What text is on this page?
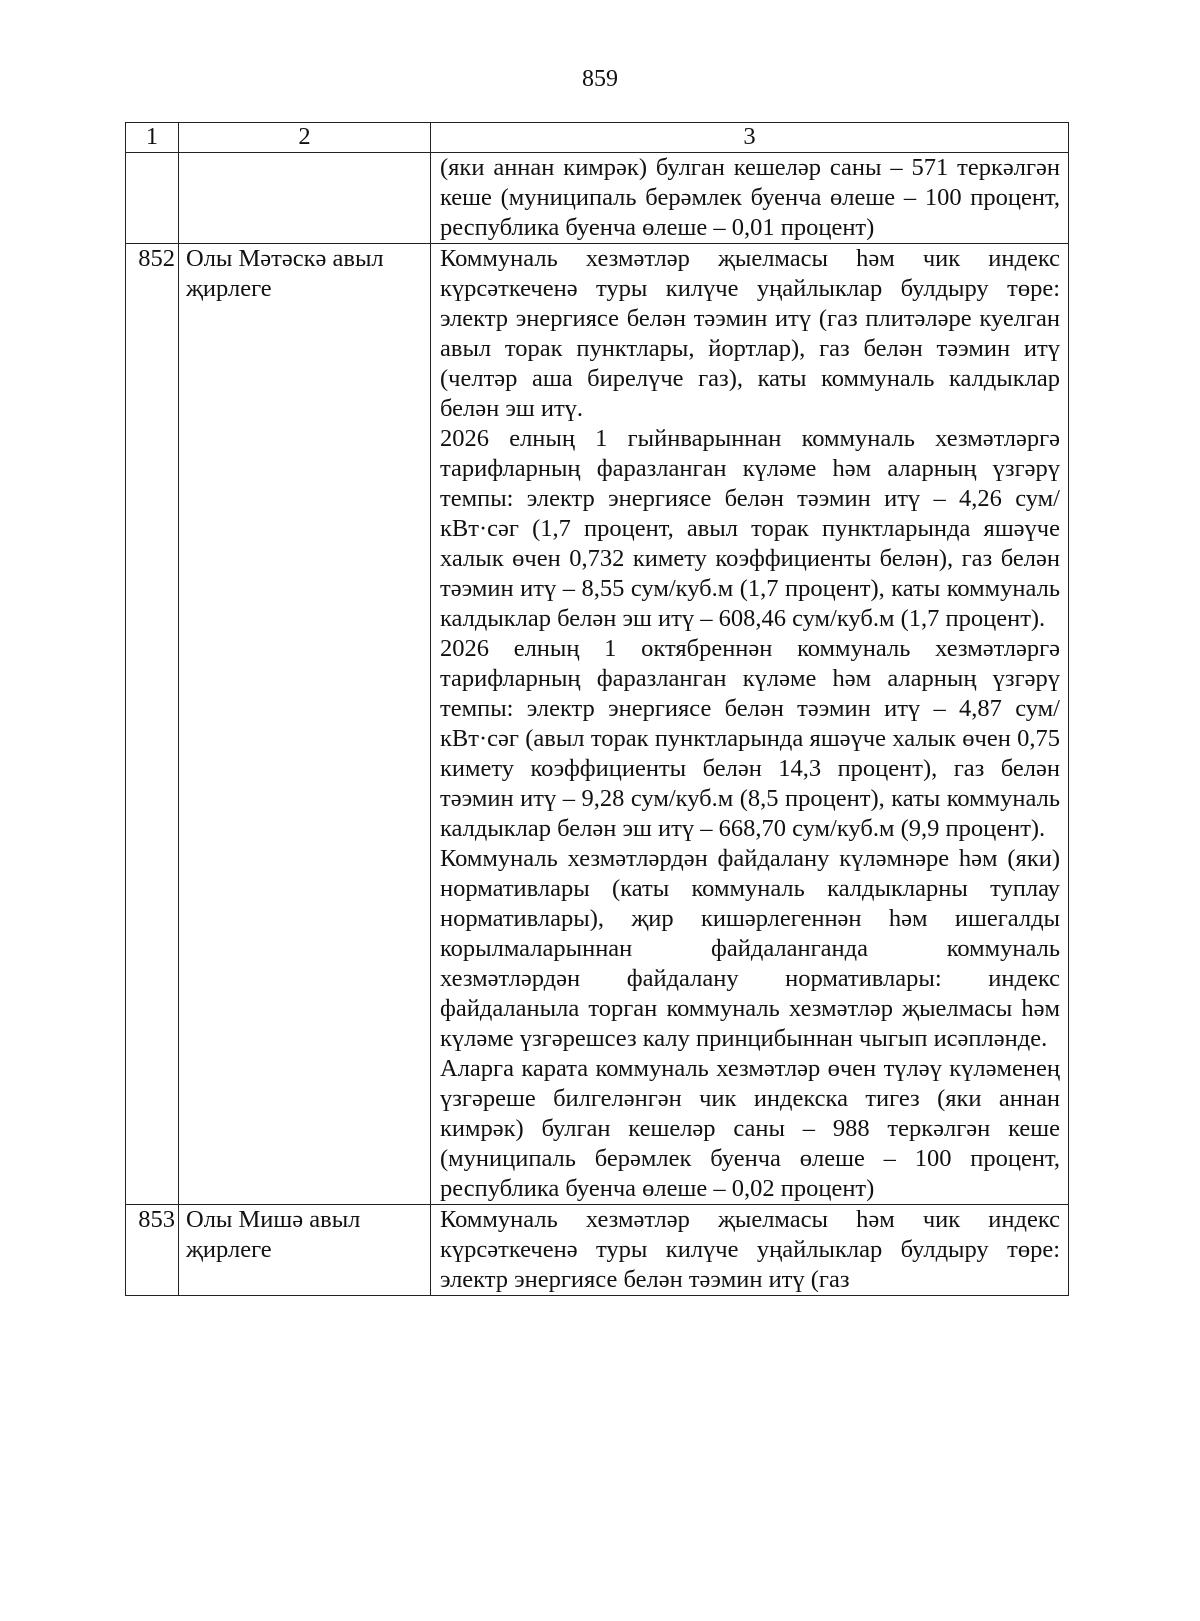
859
1	2	3

		(яки аннан кимрәк) булган кешеләр саны – 571 теркәлгән кеше (муниципаль берәмлек буенча өлеше – 100 процент, республика буенча өлеше – 0,01 процент)

852	Олы Мәтәскә авыл җирлеге	Коммуналь хезмәтләр җыелмасы һәм чик индекс күрсәткеченә туры килүче уңайлыклар булдыру төре: электр энергиясе белән тәэмин итү (газ плитәләре куелган авыл торак пунктлары, йортлар), газ белән тәэмин итү (челтәр аша бирелүче газ), каты коммуналь калдыклар белән эш итү.

2026 елның 1 гыйнварыннан коммуналь хезмәтләргә тарифларның фаразланган күләме һәм аларның үзгәрү темпы: электр энергиясе белән тәэмин итү – 4,26 сум/кВт·сәг (1,7 процент, авыл торак пунктларында яшәүче халык өчен 0,732 кимету коэффициенты белән), газ белән тәэмин итү – 8,55 сум/куб.м (1,7 процент), каты коммуналь калдыклар белән эш итү – 608,46 сум/куб.м (1,7 процент).

2026 елның 1 октябреннән коммуналь хезмәтләргә тарифларның фаразланган күләме һәм аларның үзгәрү темпы: электр энергиясе белән тәэмин итү – 4,87 сум/кВт·сәг (авыл торак пунктларында яшәүче халык өчен 0,75 кимету коэффициенты белән 14,3 процент), газ белән тәэмин итү – 9,28 сум/куб.м (8,5 процент), каты коммуналь калдыклар белән эш итү – 668,70 сум/куб.м (9,9 процент).

Коммуналь хезмәтләрдән файдалану күләмнәре һәм (яки) нормативлары (каты коммуналь калдыкларны туплау нормативлары), җир кишәрлегеннән һәм ишегалды корылмаларыннан файдаланганда коммуналь хезмәтләрдән файдалану нормативлары: индекс файдаланыла торган коммуналь хезмәтләр җыелмасы һәм күләме үзгәрешсез калу принцибыннан чыгып исәпләнде.

Аларга карата коммуналь хезмәтләр өчен түләү күләменең үзгәреше билгеләнгән чик индекска тигез (яки аннан кимрәк) булган кешеләр саны – 988 теркәлгән кеше (муниципаль берәмлек буенча өлеше – 100 процент, республика буенча өлеше – 0,02 процент)

853	Олы Мишә авыл җирлеге	Коммуналь хезмәтләр җыелмасы һәм чик индекс күрсәткеченә туры килүче уңайлыклар булдыру төре: электр энергиясе белән тәэмин итү (газ
